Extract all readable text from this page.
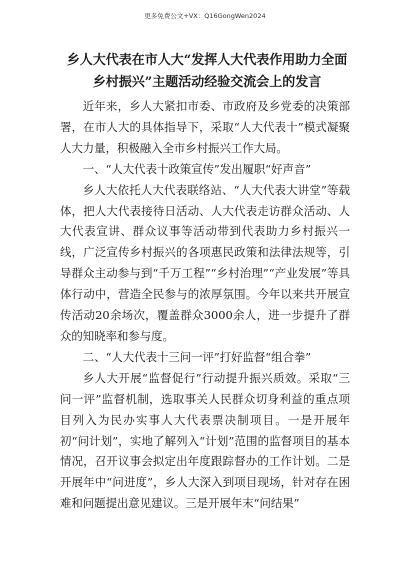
更多免费公文+VX：Q16GongWen2024
乡人大代表在市人大“发挥人大代表作用助力全面乡村振兴”主题活动经验交流会上的发言

近年来，乡人大紧扣市委、市政府及乡党委的决策部署，在市人大的具体指导下，采取“人大代表十”模式凝聚人大力量，积极融入全市乡村振兴工作大局。

一、“人大代表十政策宣传”发出履职“好声音”

乡人大依托人大代表联络站、“人大代表大讲堂”等载体，把人大代表接待日活动、人大代表走访群众活动、人大代表宣讲、群众议事等活动带到代表助力乡村振兴一线，广泛宣传乡村振兴的各项惠民政策和法律法规等，引导群众主动参与到“千万工程”“乡村治理”“产业发展”等具体行动中，营造全民参与的浓厚氛围。今年以来共开展宣传活动20余场次，覆盖群众3000余人，进一步提升了群众的知晓率和参与度。

二、“人大代表十三问一评”打好监督“组合拳”

乡人大开展“监督促行”行动提升振兴质效。采取“三问一评”监督机制，选取事关人民群众切身利益的重点项目列入为民办实事人大代表票决制项目。一是开展年初“问计划”，实地了解列入“计划”范围的监督项目的基本情况，召开议事会拟定出年度跟踪督办的工作计划。二是开展年中“问进度”，乡人大深入到项目现场，针对存在困难和问题提出意见建议。三是开展年末“问结果”
